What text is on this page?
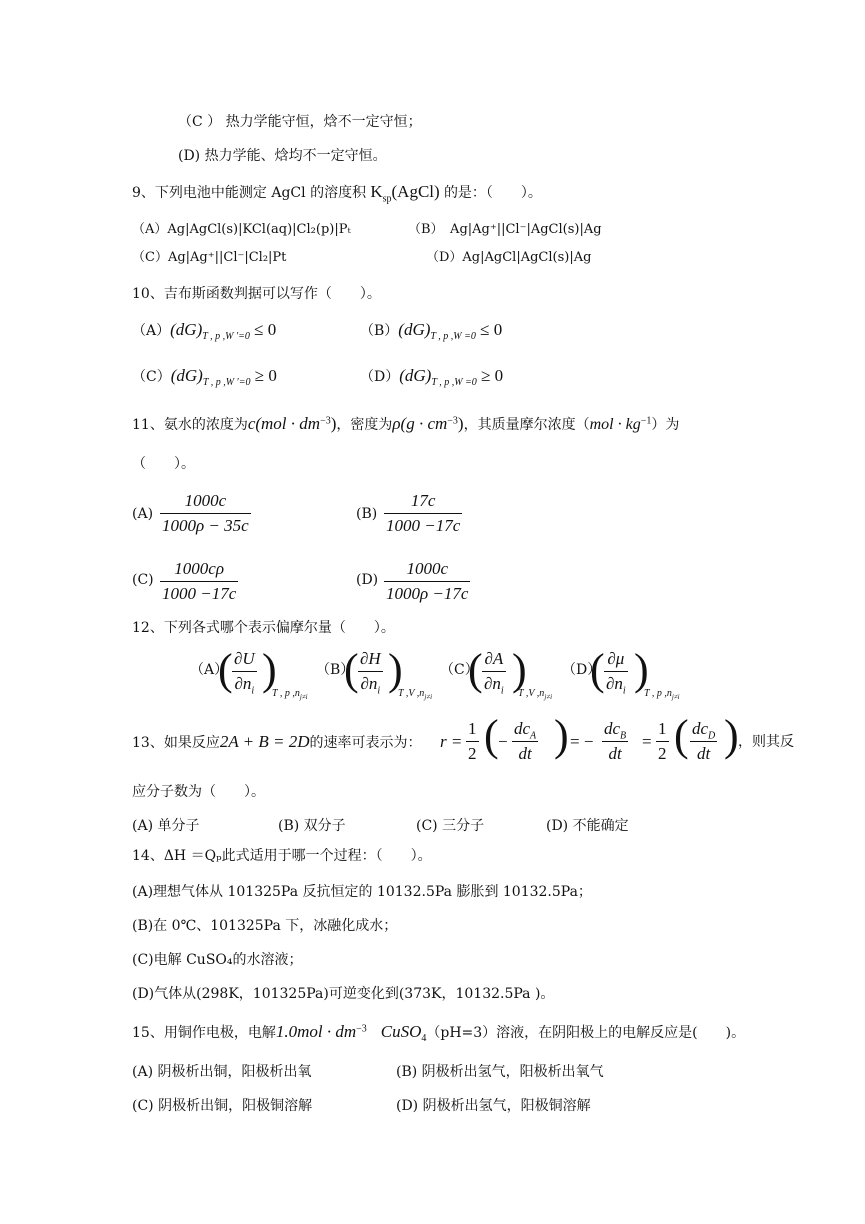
（C ） 热力学能守恒，焓不一定守恒；
(D) 热力学能、焓均不一定守恒。
9、下列电池中能测定 AgCl 的溶度积 $K_{sp}(AgCl)$ 的是：（　　）。
（A）Ag|AgCl(s)|KCl(aq)|Cl₂(p)|Pₜ	（B）　Ag|Ag⁺||Cl⁻|AgCl(s)|Ag
（C）Ag|Ag⁺||Cl⁻|Cl₂|Pt	（D）Ag|AgCl|AgCl(s)|Ag
10、吉布斯函数判据可以写作（　　）。
$(A)(dG)_{T , p ,W '=0} \le 0$	$(B)(dG)_{T , p ,W =0} \le 0$
$(C)(dG)_{T , p ,W '=0} \ge 0$	$(D)(dG)_{T , p ,W =0} \ge 0$
11、氨水的浓度为$c(mol \cdot dm^{-3})$，密度为$\rho(g \cdot cm^{-3})$，其质量摩尔浓度$(mol \cdot kg^{-1})$为
（　　）。
$(A) \frac{1000c}{1000\rho - 35c}$	$(B) \frac{17c}{1000 -17c}$
$(C) \frac{1000c\rho}{1000 -17c}$	$(D) \frac{1000c}{1000\rho -17c}$
12、下列各式哪个表示偏摩尔量（　　）。
（A）
( $\frac{\partial U}{\partial n_i}$ )
T , p $,n_{j\ne i}$
（B）
( $\frac{\partial H}{\partial n_i}$ )
T ,V $,n_{j\ne i}$
（C）
( $\frac{\partial A}{\partial n_i}$ )
T ,V $,n_{j\ne i}$
（D）
( $\frac{\partial\mu}{\partial n_i}$ )
T , p $,n_{j\ne i}$
13、如果反应2A + B = 2D的速率可表示为： $r = \frac{1}{2}$ ( −
$dc_A$
dt ) = −
$dc_B$
dt
= $\frac{1}{2}$ ( $dc_D$
dt ) ，则其反
应分子数为（　　）。
(A) 单分子	(B) 双分子	(C) 三分子	(D) 不能确定
14、ΔH ＝Qₚ此式适用于哪一个过程：（　　）。
(A)理想气体从 101325Pa 反抗恒定的 10132.5Pa 膨胀到 10132.5Pa；
(B)在 0℃、101325Pa 下，冰融化成水；
(C)电解 CuSO₄的水溶液；
(D)气体从(298K，101325Pa)可逆变化到(373K，10132.5Pa )。
15、用铜作电极，电解$1.0mol \cdot dm^{-3}$　 CuSO$_4$（pH=3）溶液，在阴阳极上的电解反应是(　　)。
(A) 阴极析出铜，阳极析出氧	(B) 阴极析出氢气，阳极析出氧气
(C) 阴极析出铜，阳极铜溶解	(D) 阴极析出氢气，阳极铜溶解
